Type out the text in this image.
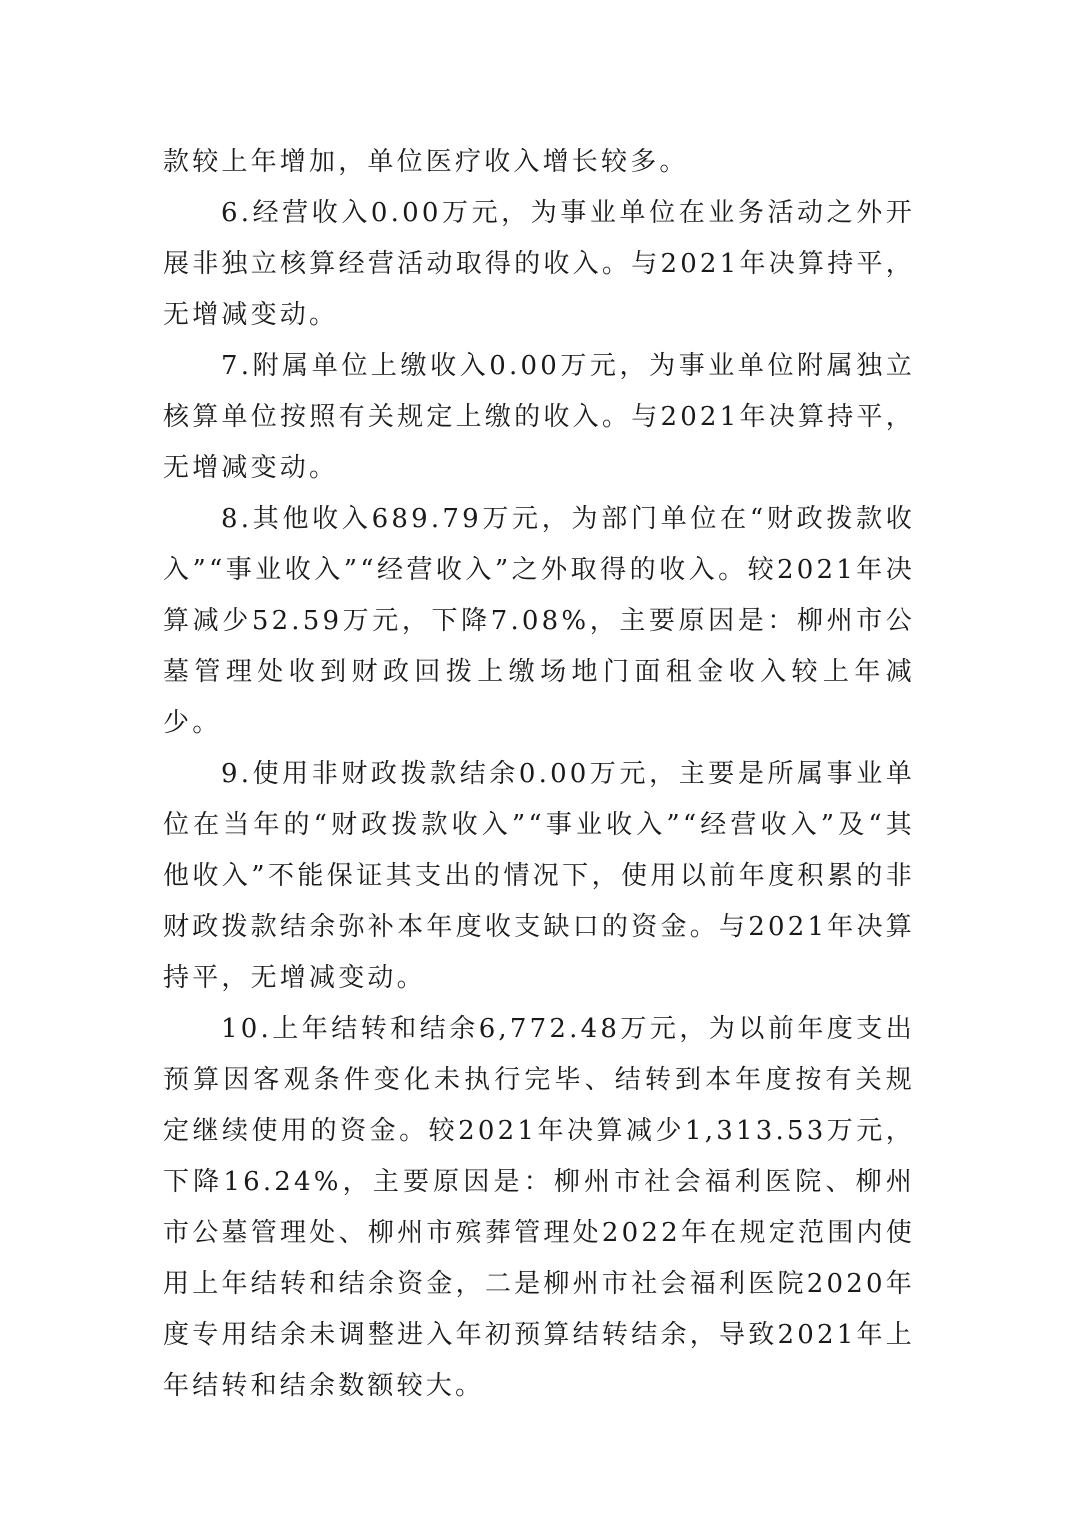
款较上年增加，单位医疗收入增长较多。

6.经营收入0.00万元，为事业单位在业务活动之外开展非独立核算经营活动取得的收入。与2021年决算持平，无增减变动。

7.附属单位上缴收入0.00万元，为事业单位附属独立核算单位按照有关规定上缴的收入。与2021年决算持平，无增减变动。

8.其他收入689.79万元，为部门单位在“财政拨款收入”“事业收入”“经营收入”之外取得的收入。较2021年决算减少52.59万元，下降7.08%，主要原因是：柳州市公墓管理处收到财政回拨上缴场地门面租金收入较上年减少。

9.使用非财政拨款结余0.00万元，主要是所属事业单位在当年的“财政拨款收入”“事业收入”“经营收入”及“其他收入”不能保证其支出的情况下，使用以前年度积累的非财政拨款结余弥补本年度收支缺口的资金。与2021年决算持平，无增减变动。

10.上年结转和结余6,772.48万元，为以前年度支出预算因客观条件变化未执行完毕、结转到本年度按有关规定继续使用的资金。较2021年决算减少1,313.53万元，下降16.24%，主要原因是：柳州市社会福利医院、柳州市公墓管理处、柳州市殡葬管理处2022年在规定范围内使用上年结转和结余资金，二是柳州市社会福利医院2020年度专用结余未调整进入年初预算结转结余，导致2021年上年结转和结余数额较大。
